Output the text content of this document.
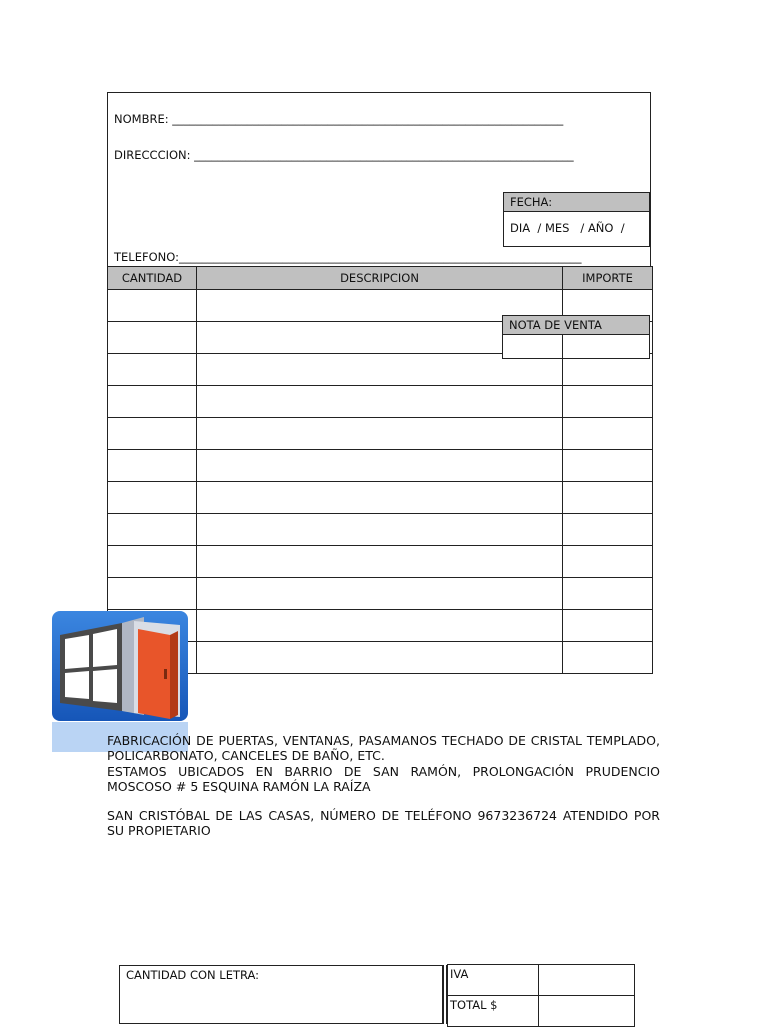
NOMBRE: ____________________________________________________________________
DIRECCCION: __________________________________________________________________
TELEFONO:______________________________________________________________________
FECHA:
DIA  / MES   / AÑO  /
CANTIDAD	DESCRIPCION	IMPORTE

NOTA DE VENTA
FABRICACIÓN DE PUERTAS, VENTANAS, PASAMANOS TECHADO DE CRISTAL TEMPLADO, POLICARBONATO, CANCELES DE BAÑO, ETC.
ESTAMOS UBICADOS EN BARRIO DE SAN RAMÓN, PROLONGACIÓN PRUDENCIO MOSCOSO # 5 ESQUINA RAMÓN LA RAÍZA
SAN CRISTÓBAL DE LAS CASAS, NÚMERO DE TELÉFONO 9673236724 ATENDIDO POR SU PROPIETARIO
CANTIDAD CON LETRA:	IVA	
TOTAL $	
